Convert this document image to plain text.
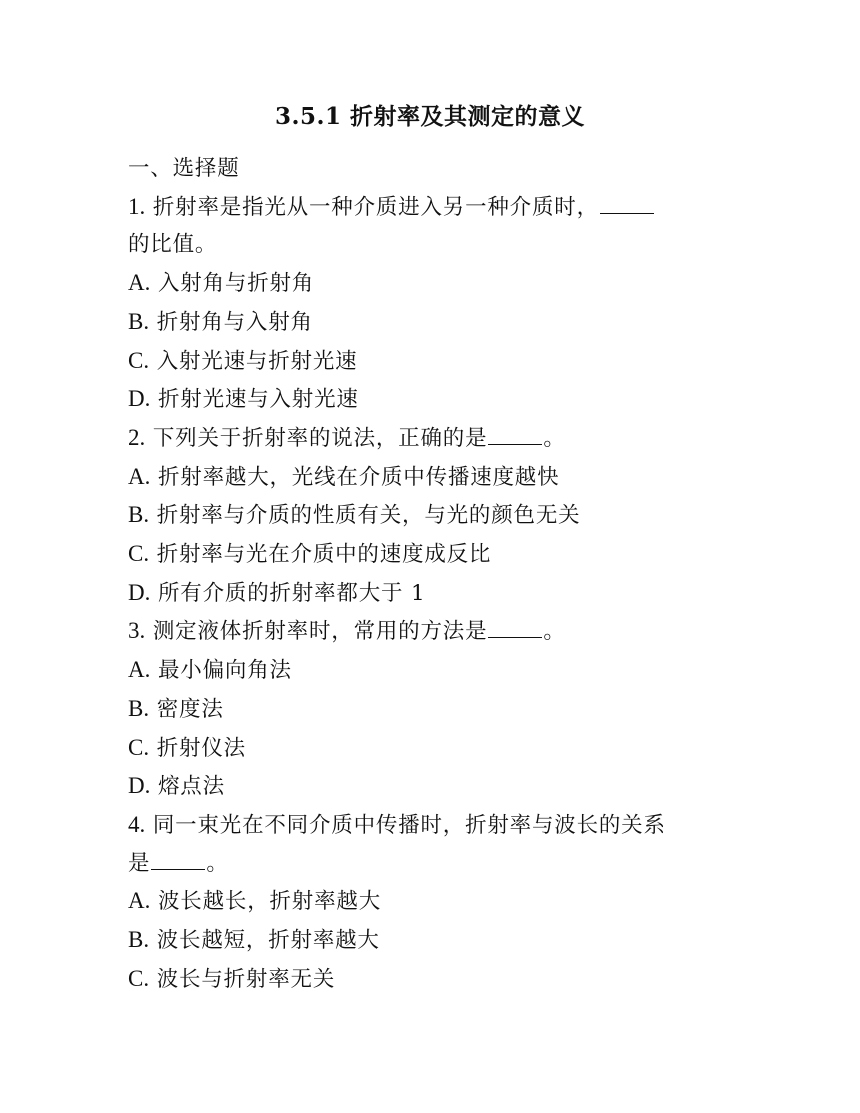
3.5.1 折射率及其测定的意义
一、选择题
1. 折射率是指光从一种介质进入另一种介质时，
的比值。
A. 入射角与折射角
B. 折射角与入射角
C. 入射光速与折射光速
D. 折射光速与入射光速
2. 下列关于折射率的说法，正确的是	。
A. 折射率越大，光线在介质中传播速度越快
B. 折射率与介质的性质有关，与光的颜色无关
C. 折射率与光在介质中的速度成反比
D. 所有介质的折射率都大于 1
3. 测定液体折射率时，常用的方法是	。
A. 最小偏向角法
B. 密度法
C. 折射仪法
D. 熔点法
4. 同一束光在不同介质中传播时，折射率与波长的关系
是	。
A. 波长越长，折射率越大
B. 波长越短，折射率越大
C. 波长与折射率无关
